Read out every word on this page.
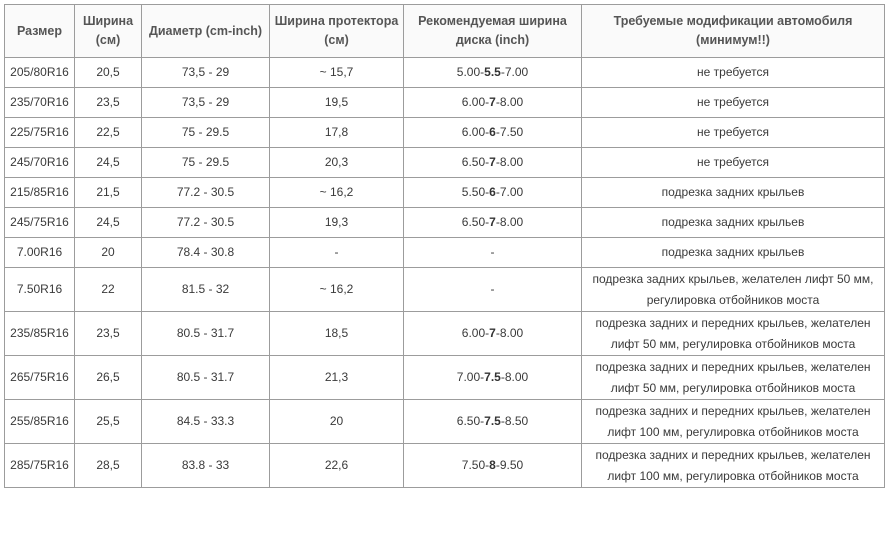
Размер	Ширина (см)	Диаметр (cm-inch)	Ширина протектора (см)	Рекомендуемая ширина диска (inch)	Требуемые модификации автомобиля (минимум!!)
205/80R16	20,5	73,5 - 29	~ 15,7	5.00-5.5-7.00	не требуется
235/70R16	23,5	73,5 - 29	19,5	6.00-7-8.00	не требуется
225/75R16	22,5	75 - 29.5	17,8	6.00-6-7.50	не требуется
245/70R16	24,5	75 - 29.5	20,3	6.50-7-8.00	не требуется
215/85R16	21,5	77.2 - 30.5	~ 16,2	5.50-6-7.00	подрезка задних крыльев
245/75R16	24,5	77.2 - 30.5	19,3	6.50-7-8.00	подрезка задних крыльев
7.00R16	20	78.4 - 30.8	-	-	подрезка задних крыльев
7.50R16	22	81.5 - 32	~ 16,2	-	подрезка задних крыльев, желателен лифт 50 мм, регулировка отбойников моста
235/85R16	23,5	80.5 - 31.7	18,5	6.00-7-8.00	подрезка задних и передних крыльев, желателен лифт 50 мм, регулировка отбойников моста
265/75R16	26,5	80.5 - 31.7	21,3	7.00-7.5-8.00	подрезка задних и передних крыльев, желателен лифт 50 мм, регулировка отбойников моста
255/85R16	25,5	84.5 - 33.3	20	6.50-7.5-8.50	подрезка задних и передних крыльев, желателен лифт 100 мм, регулировка отбойников моста
285/75R16	28,5	83.8 - 33	22,6	7.50-8-9.50	подрезка задних и передних крыльев, желателен лифт 100 мм, регулировка отбойников моста
